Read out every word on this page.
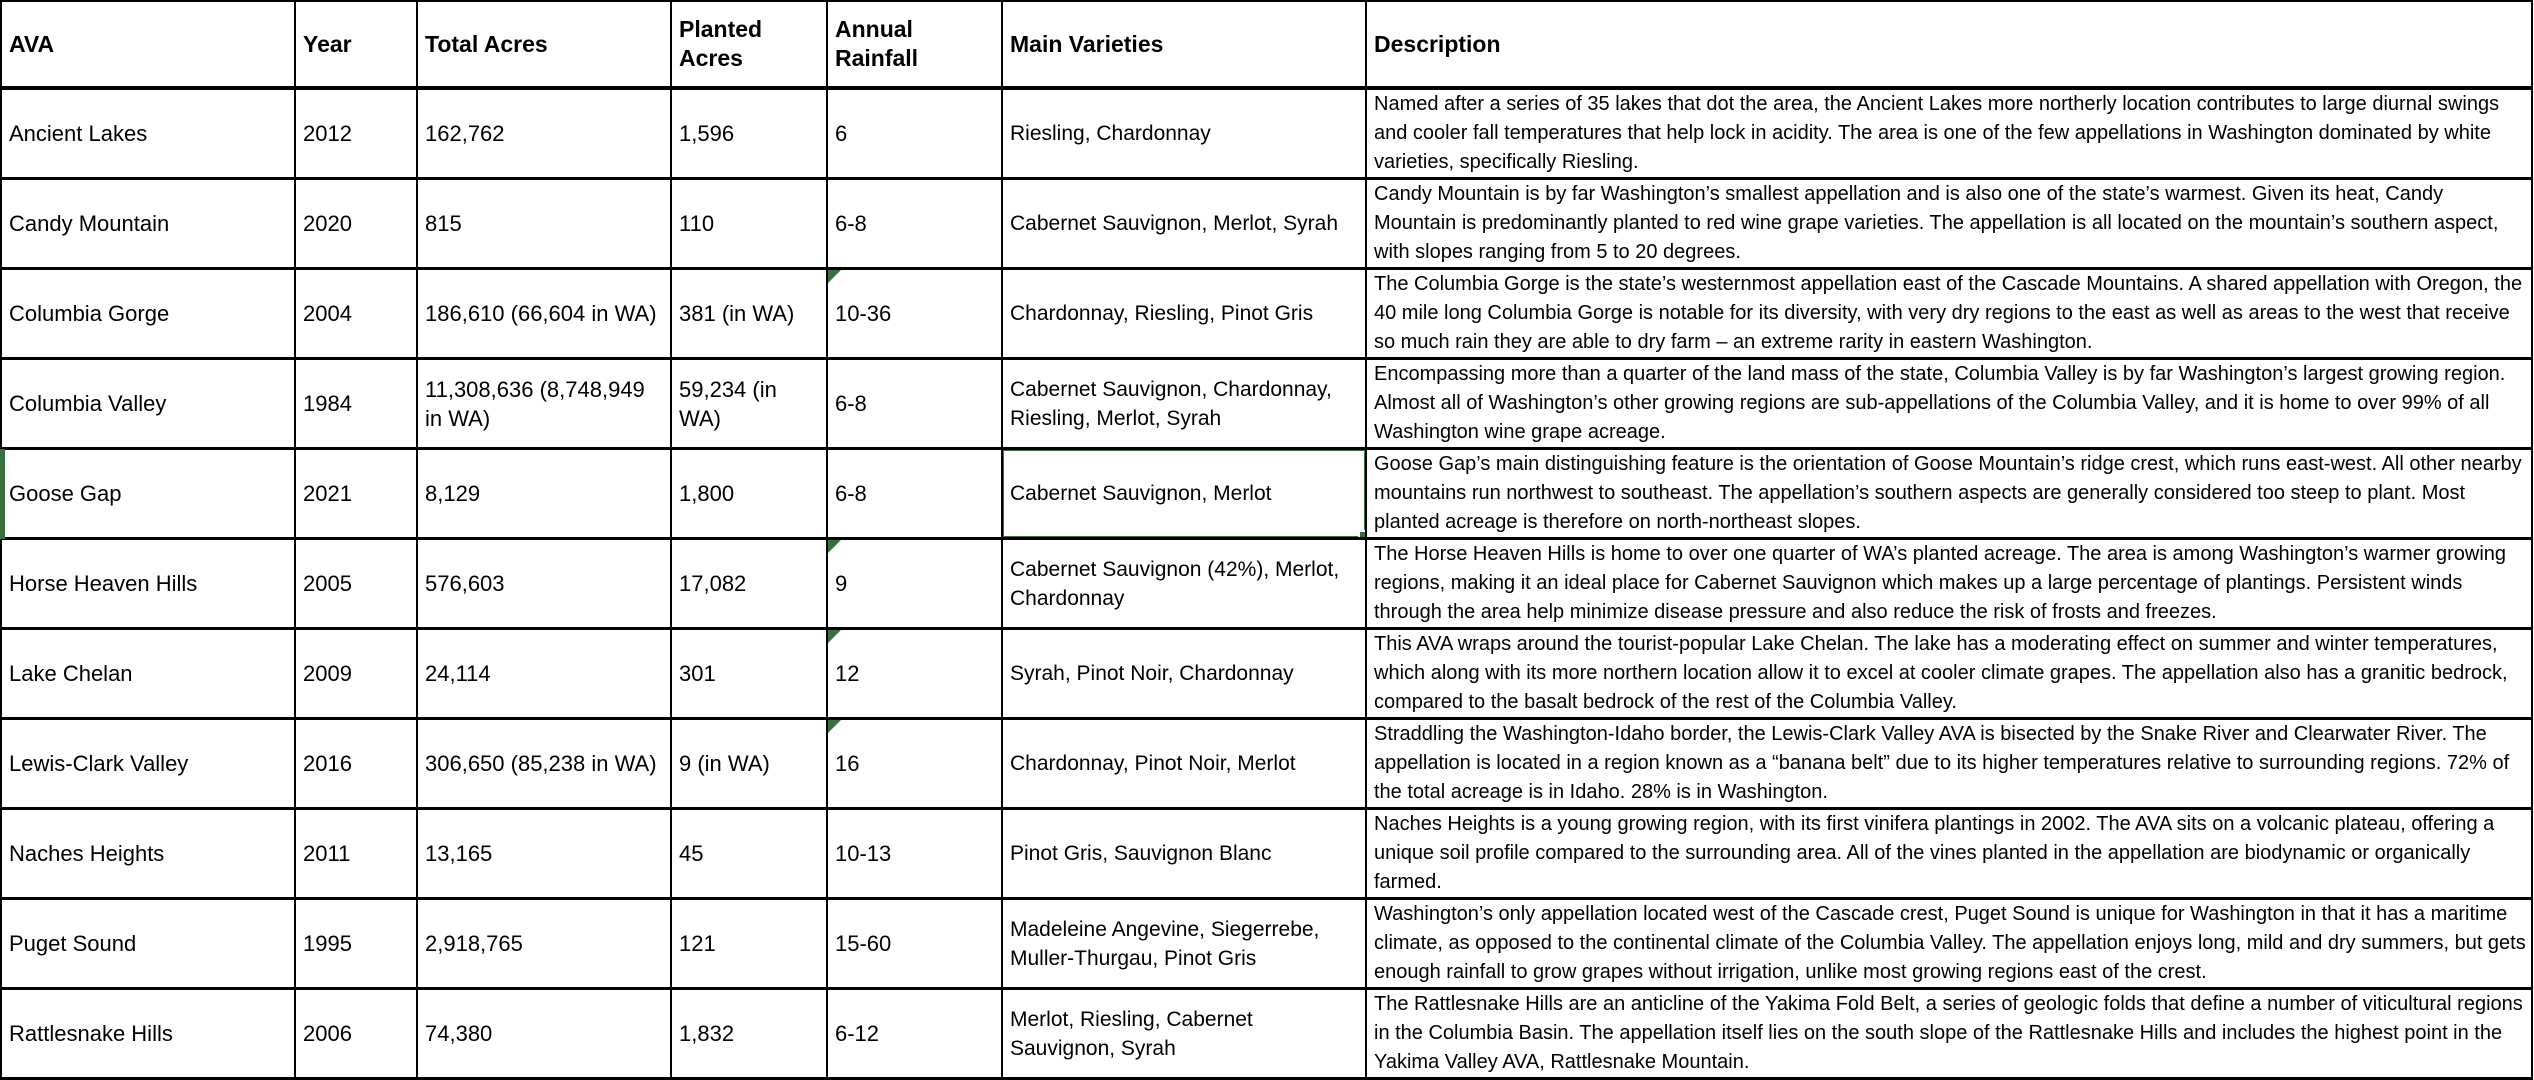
AVA	Year	Total Acres	Planted Acres	Annual Rainfall	Main Varieties	Description
Ancient Lakes	2012	162,762	1,596	6	Riesling, Chardonnay	Named after a series of 35 lakes that dot the area, the Ancient Lakes more northerly location contributes to large diurnal swings and cooler fall temperatures that help lock in acidity. The area is one of the few appellations in Washington dominated by white varieties, specifically Riesling.
Candy Mountain	2020	815	110	6-8	Cabernet Sauvignon, Merlot, Syrah	Candy Mountain is by far Washington’s smallest appellation and is also one of the state’s warmest. Given its heat, Candy Mountain is predominantly planted to red wine grape varieties. The appellation is all located on the mountain’s southern aspect, with slopes ranging from 5 to 20 degrees.
Columbia Gorge	2004	186,610 (66,604 in WA)	381 (in WA)	10-36	Chardonnay, Riesling, Pinot Gris	The Columbia Gorge is the state’s westernmost appellation east of the Cascade Mountains. A shared appellation with Oregon, the 40 mile long Columbia Gorge is notable for its diversity, with very dry regions to the east as well as areas to the west that receive so much rain they are able to dry farm – an extreme rarity in eastern Washington.
Columbia Valley	1984	11,308,636 (8,748,949 in WA)	59,234 (in WA)	6-8	Cabernet Sauvignon, Chardonnay, Riesling, Merlot, Syrah	Encompassing more than a quarter of the land mass of the state, Columbia Valley is by far Washington’s largest growing region. Almost all of Washington’s other growing regions are sub-appellations of the Columbia Valley, and it is home to over 99% of all Washington wine grape acreage.
Goose Gap	2021	8,129	1,800	6-8	Cabernet Sauvignon, Merlot	Goose Gap’s main distinguishing feature is the orientation of Goose Mountain’s ridge crest, which runs east-west. All other nearby mountains run northwest to southeast. The appellation’s southern aspects are generally considered too steep to plant. Most planted acreage is therefore on north-northeast slopes.
Horse Heaven Hills	2005	576,603	17,082	9	Cabernet Sauvignon (42%), Merlot, Chardonnay	The Horse Heaven Hills is home to over one quarter of WA’s planted acreage. The area is among Washington’s warmer growing regions, making it an ideal place for Cabernet Sauvignon which makes up a large percentage of plantings. Persistent winds through the area help minimize disease pressure and also reduce the risk of frosts and freezes.
Lake Chelan	2009	24,114	301	12	Syrah, Pinot Noir, Chardonnay	This AVA wraps around the tourist-popular Lake Chelan. The lake has a moderating effect on summer and winter temperatures, which along with its more northern location allow it to excel at cooler climate grapes. The appellation also has a granitic bedrock, compared to the basalt bedrock of the rest of the Columbia Valley.
Lewis-Clark Valley	2016	306,650 (85,238 in WA)	9 (in WA)	16	Chardonnay, Pinot Noir, Merlot	Straddling the Washington-Idaho border, the Lewis-Clark Valley AVA is bisected by the Snake River and Clearwater River. The appellation is located in a region known as a “banana belt” due to its higher temperatures relative to surrounding regions. 72% of the total acreage is in Idaho. 28% is in Washington.
Naches Heights	2011	13,165	45	10-13	Pinot Gris, Sauvignon Blanc	Naches Heights is a young growing region, with its first vinifera plantings in 2002. The AVA sits on a volcanic plateau, offering a unique soil profile compared to the surrounding area. All of the vines planted in the appellation are biodynamic or organically farmed.
Puget Sound	1995	2,918,765	121	15-60	Madeleine Angevine, Siegerrebe, Muller-Thurgau, Pinot Gris	Washington’s only appellation located west of the Cascade crest, Puget Sound is unique for Washington in that it has a maritime climate, as opposed to the continental climate of the Columbia Valley. The appellation enjoys long, mild and dry summers, but gets enough rainfall to grow grapes without irrigation, unlike most growing regions east of the crest.
Rattlesnake Hills	2006	74,380	1,832	6-12	Merlot, Riesling, Cabernet Sauvignon, Syrah	The Rattlesnake Hills are an anticline of the Yakima Fold Belt, a series of geologic folds that define a number of viticultural regions in the Columbia Basin. The appellation itself lies on the south slope of the Rattlesnake Hills and includes the highest point in the Yakima Valley AVA, Rattlesnake Mountain.
